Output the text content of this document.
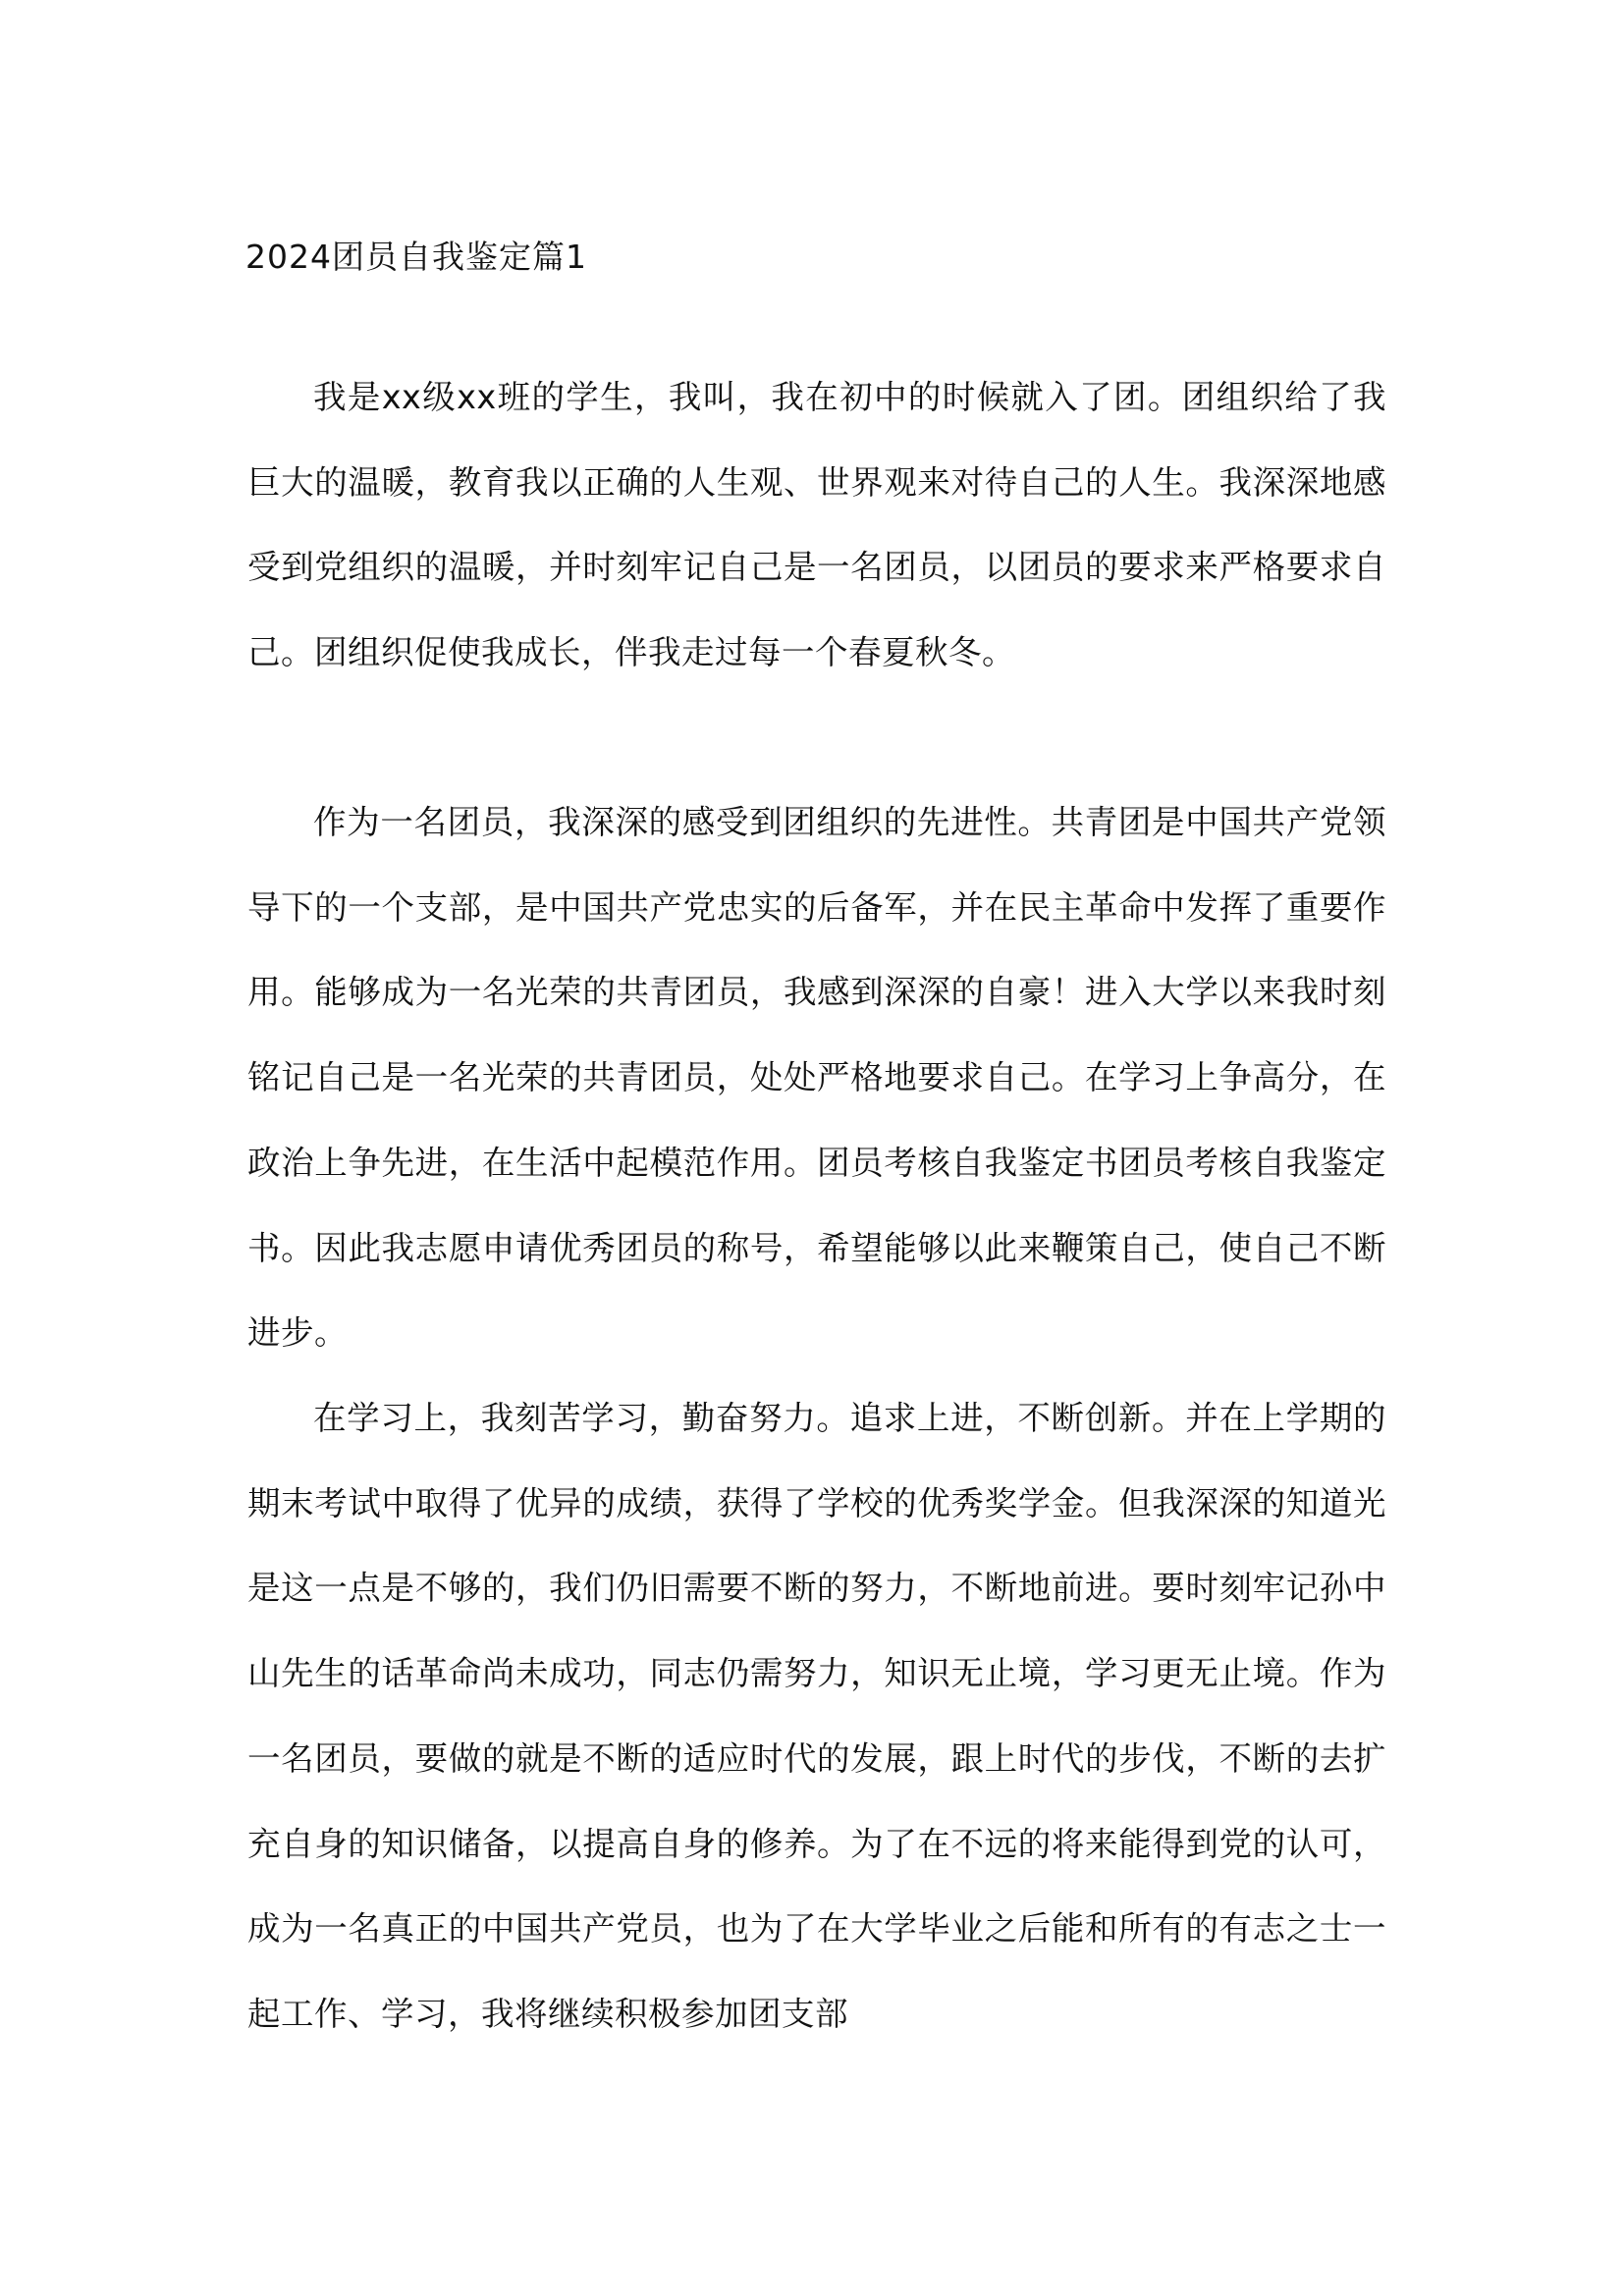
2024团员自我鉴定篇1

我是xx级xx班的学生，我叫，我在初中的时候就入了团。团组织给了我巨大的温暖，教育我以正确的人生观、世界观来对待自己的人生。我深深地感受到党组织的温暖，并时刻牢记自己是一名团员，以团员的要求来严格要求自己。团组织促使我成长，伴我走过每一个春夏秋冬。

作为一名团员，我深深的感受到团组织的先进性。共青团是中国共产党领导下的一个支部，是中国共产党忠实的后备军，并在民主革命中发挥了重要作用。能够成为一名光荣的共青团员，我感到深深的自豪！进入大学以来我时刻铭记自己是一名光荣的共青团员，处处严格地要求自己。在学习上争高分，在政治上争先进，在生活中起模范作用。团员考核自我鉴定书团员考核自我鉴定书。因此我志愿申请优秀团员的称号，希望能够以此来鞭策自己，使自己不断进步。

在学习上，我刻苦学习，勤奋努力。追求上进，不断创新。并在上学期的期末考试中取得了优异的成绩，获得了学校的优秀奖学金。但我深深的知道光是这一点是不够的，我们仍旧需要不断的努力，不断地前进。要时刻牢记孙中山先生的话革命尚未成功，同志仍需努力，知识无止境，学习更无止境。作为一名团员，要做的就是不断的适应时代的发展，跟上时代的步伐，不断的去扩充自身的知识储备，以提高自身的修养。为了在不远的将来能得到党的认可，成为一名真正的中国共产党员，也为了在大学毕业之后能和所有的有志之士一起工作、学习，我将继续积极参加团支部
